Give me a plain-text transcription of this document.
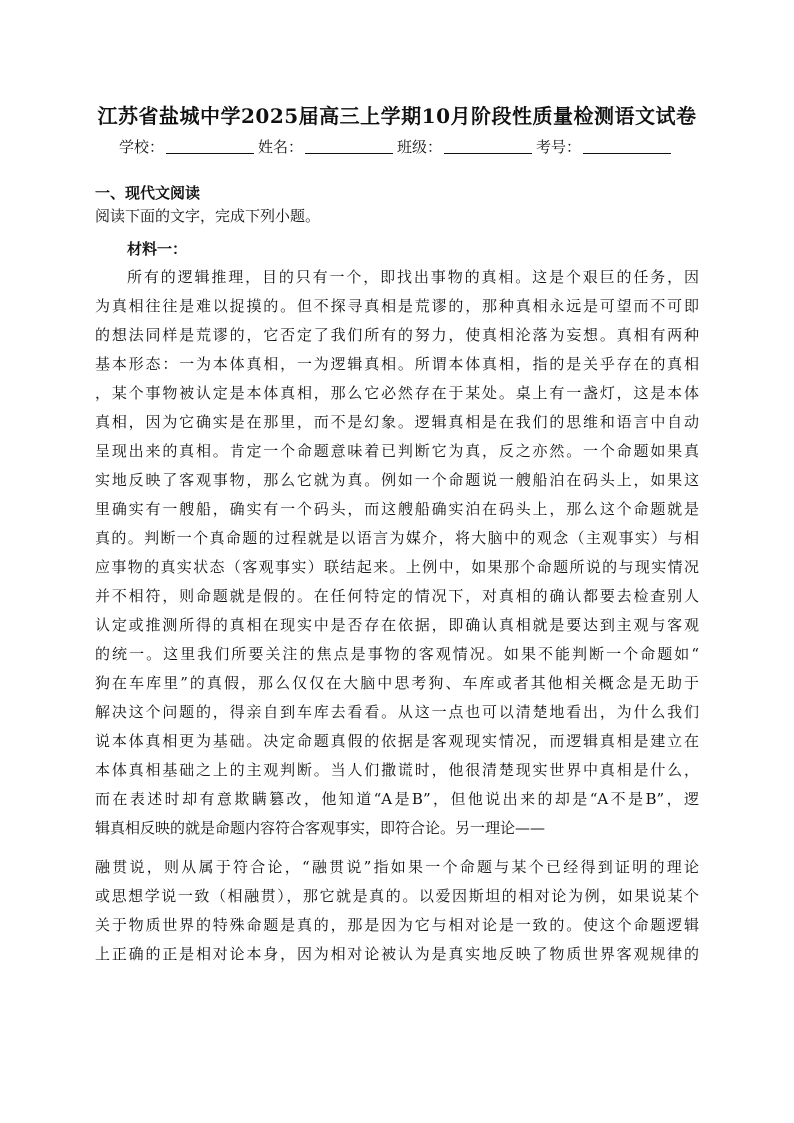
江苏省盐城中学2025届高三上学期10月阶段性质量检测语文试卷
学校：	姓名：	班级：	考号：
一、现代文阅读
阅读下面的文字，完成下列小题。
材料一：
所有的逻辑推理，目的只有一个，即找出事物的真相。这是个艰巨的任务，因
为真相往往是难以捉摸的。但不探寻真相是荒谬的，那种真相永远是可望而不可即
的想法同样是荒谬的，它否定了我们所有的努力，使真相沦落为妄想。真相有两种
基本形态：一为本体真相，一为逻辑真相。所谓本体真相，指的是关乎存在的真相
，某个事物被认定是本体真相，那么它必然存在于某处。桌上有一盏灯，这是本体
真相，因为它确实是在那里，而不是幻象。逻辑真相是在我们的思维和语言中自动
呈现出来的真相。肯定一个命题意味着已判断它为真，反之亦然。一个命题如果真
实地反映了客观事物，那么它就为真。例如一个命题说一艘船泊在码头上，如果这
里确实有一艘船，确实有一个码头，而这艘船确实泊在码头上，那么这个命题就是
真的。判断一个真命题的过程就是以语言为媒介，将大脑中的观念（主观事实）与相
应事物的真实状态（客观事实）联结起来。上例中，如果那个命题所说的与现实情况
并不相符，则命题就是假的。在任何特定的情况下，对真相的确认都要去检查别人
认定或推测所得的真相在现实中是否存在依据，即确认真相就是要达到主观与客观
的统一。这里我们所要关注的焦点是事物的客观情况。如果不能判断一个命题如“
狗在车库里”的真假，那么仅仅在大脑中思考狗、车库或者其他相关概念是无助于
解决这个问题的，得亲自到车库去看看。从这一点也可以清楚地看出，为什么我们
说本体真相更为基础。决定命题真假的依据是客观现实情况，而逻辑真相是建立在
本体真相基础之上的主观判断。当人们撒谎时，他很清楚现实世界中真相是什么，
而在表述时却有意欺瞒篡改，他知道“A是B”，但他说出来的却是“A不是B”，逻
辑真相反映的就是命题内容符合客观事实，即符合论。另一理论——
融贯说，则从属于符合论，“融贯说”指如果一个命题与某个已经得到证明的理论
或思想学说一致（相融贯），那它就是真的。以爱因斯坦的相对论为例，如果说某个
关于物质世界的特殊命题是真的，那是因为它与相对论是一致的。使这个命题逻辑
上正确的正是相对论本身，因为相对论被认为是真实地反映了物质世界客观规律的
